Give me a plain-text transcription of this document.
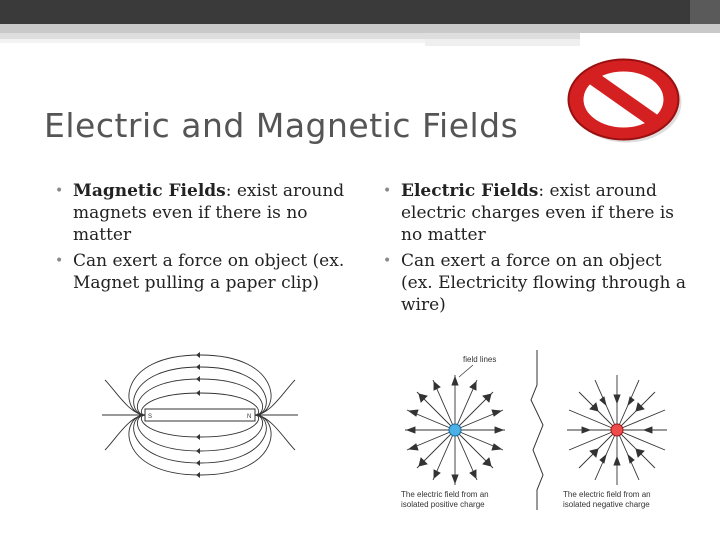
Electric and Magnetic Fields
• Magnetic Fields: exist around magnets even if there is no matter
• Can exert a force on object (ex. Magnet pulling a paper clip)
• Electric Fields: exist around electric charges even if there is no matter
• Can exert a force on an object (ex. Electricity flowing through a wire)
S	N
field lines
The electric field from an
isolated positive charge
The electric field from an
isolated negative charge
